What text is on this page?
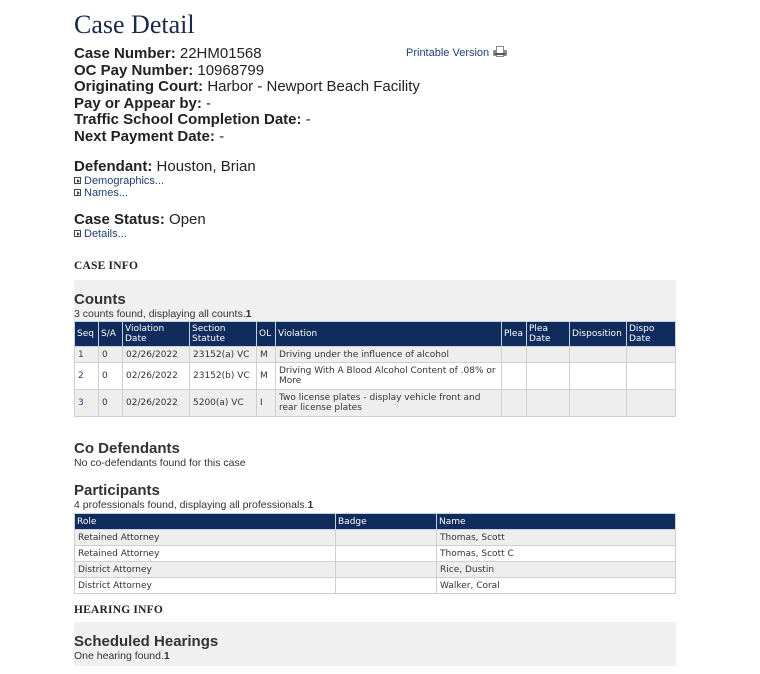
Case Detail
Printable Version
Case Number: 22HM01568
OC Pay Number: 10968799
Originating Court: Harbor - Newport Beach Facility
Pay or Appear by: -
Traffic School Completion Date: -
Next Payment Date: -
Defendant: Houston, Brian
Demographics...
Names...
Case Status: Open
Details...
CASE INFO
Counts
3 counts found, displaying all counts.1
Seq	S/A	Violation Date	Section Statute	OL	Violation	Plea	Plea Date	Disposition	Dispo Date
1	0	02/26/2022	23152(a) VC	M	Driving under the influence of alcohol				
2	0	02/26/2022	23152(b) VC	M	Driving With A Blood Alcohol Content of .08% or More				
3	0	02/26/2022	5200(a) VC	I	Two license plates - display vehicle front and rear license plates				
Co Defendants
No co-defendants found for this case
Participants
4 professionals found, displaying all professionals.1
Role	Badge	Name
Retained Attorney		Thomas, Scott
Retained Attorney		Thomas, Scott C
District Attorney		Rice, Dustin
District Attorney		Walker, Coral
HEARING INFO
Scheduled Hearings
One hearing found.1
